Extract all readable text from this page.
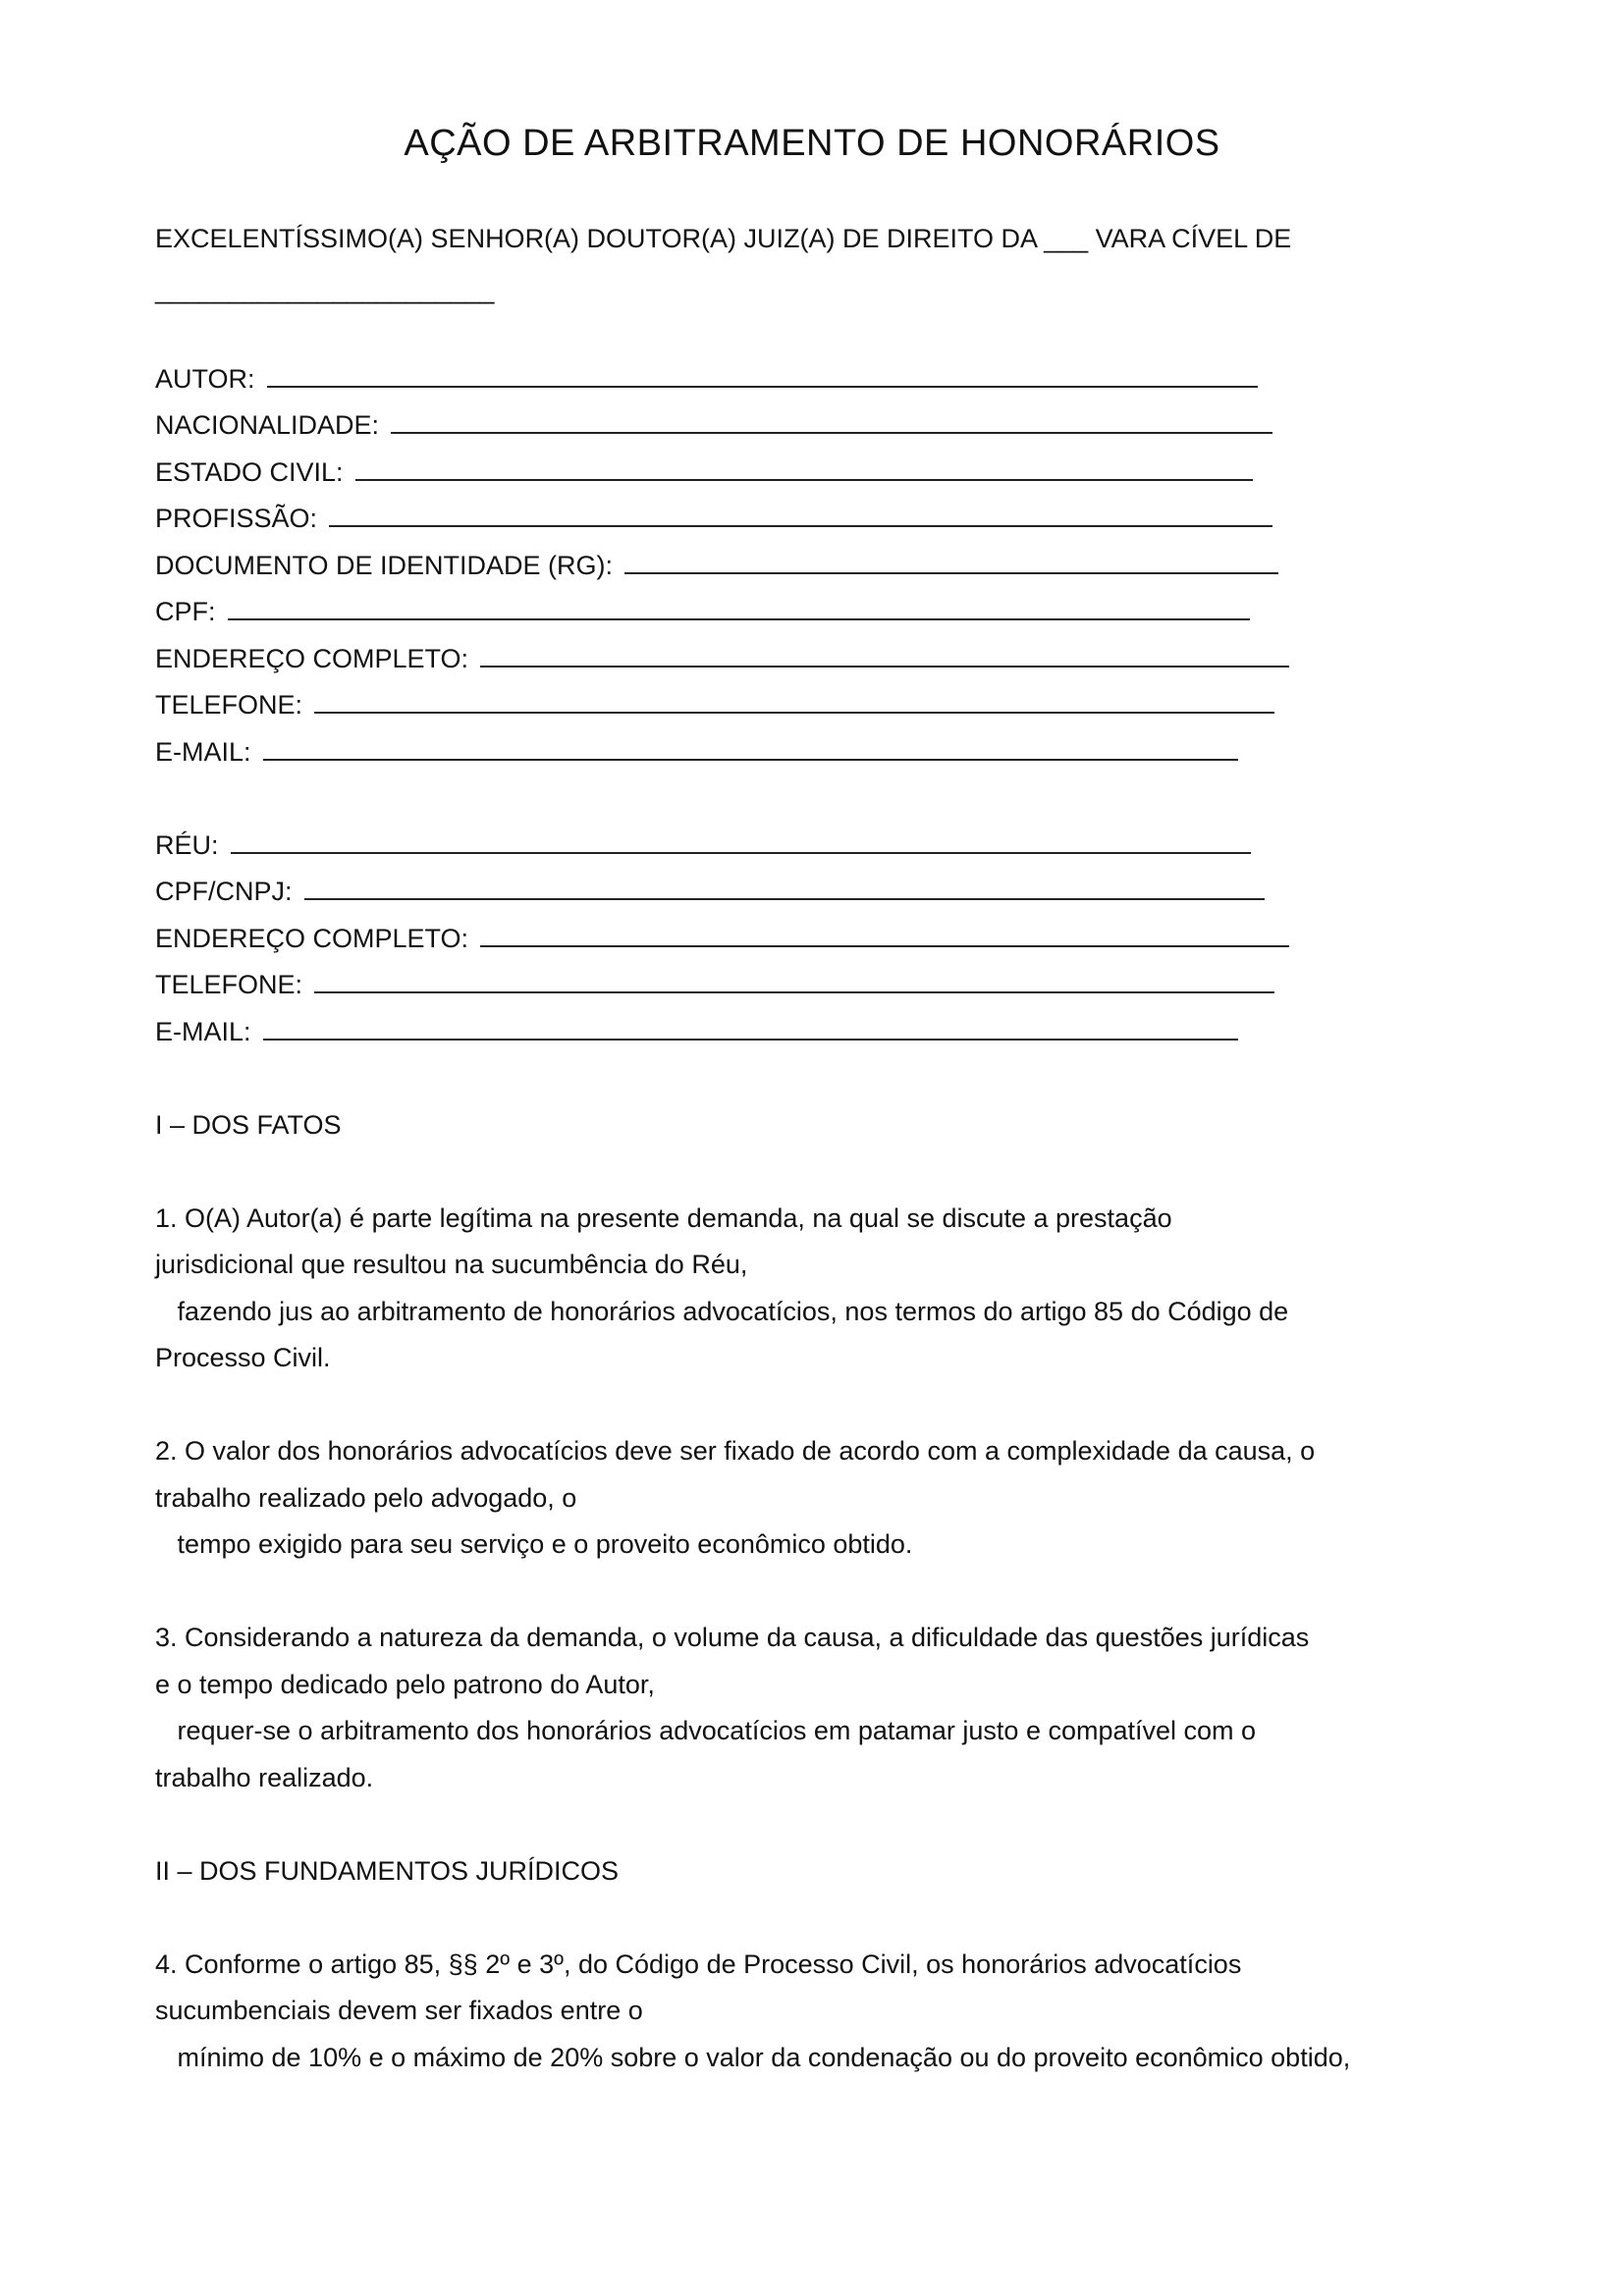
AÇÃO DE ARBITRAMENTO DE HONORÁRIOS
EXCELENTÍSSIMO(A) SENHOR(A) DOUTOR(A) JUIZ(A) DE DIREITO DA ___ VARA CÍVEL DE
_______________________
AUTOR:
NACIONALIDADE:
ESTADO CIVIL:
PROFISSÃO:
DOCUMENTO DE IDENTIDADE (RG):
CPF:
ENDEREÇO COMPLETO:
TELEFONE:
E-MAIL:
RÉU:
CPF/CNPJ:
ENDEREÇO COMPLETO:
TELEFONE:
E-MAIL:
I – DOS FATOS
1. O(A) Autor(a) é parte legítima na presente demanda, na qual se discute a prestação
jurisdicional que resultou na sucumbência do Réu,
fazendo jus ao arbitramento de honorários advocatícios, nos termos do artigo 85 do Código de
Processo Civil.
2. O valor dos honorários advocatícios deve ser fixado de acordo com a complexidade da causa, o
trabalho realizado pelo advogado, o
tempo exigido para seu serviço e o proveito econômico obtido.
3. Considerando a natureza da demanda, o volume da causa, a dificuldade das questões jurídicas
e o tempo dedicado pelo patrono do Autor,
requer-se o arbitramento dos honorários advocatícios em patamar justo e compatível com o
trabalho realizado.
II – DOS FUNDAMENTOS JURÍDICOS
4. Conforme o artigo 85, §§ 2º e 3º, do Código de Processo Civil, os honorários advocatícios
sucumbenciais devem ser fixados entre o
mínimo de 10% e o máximo de 20% sobre o valor da condenação ou do proveito econômico obtido,
